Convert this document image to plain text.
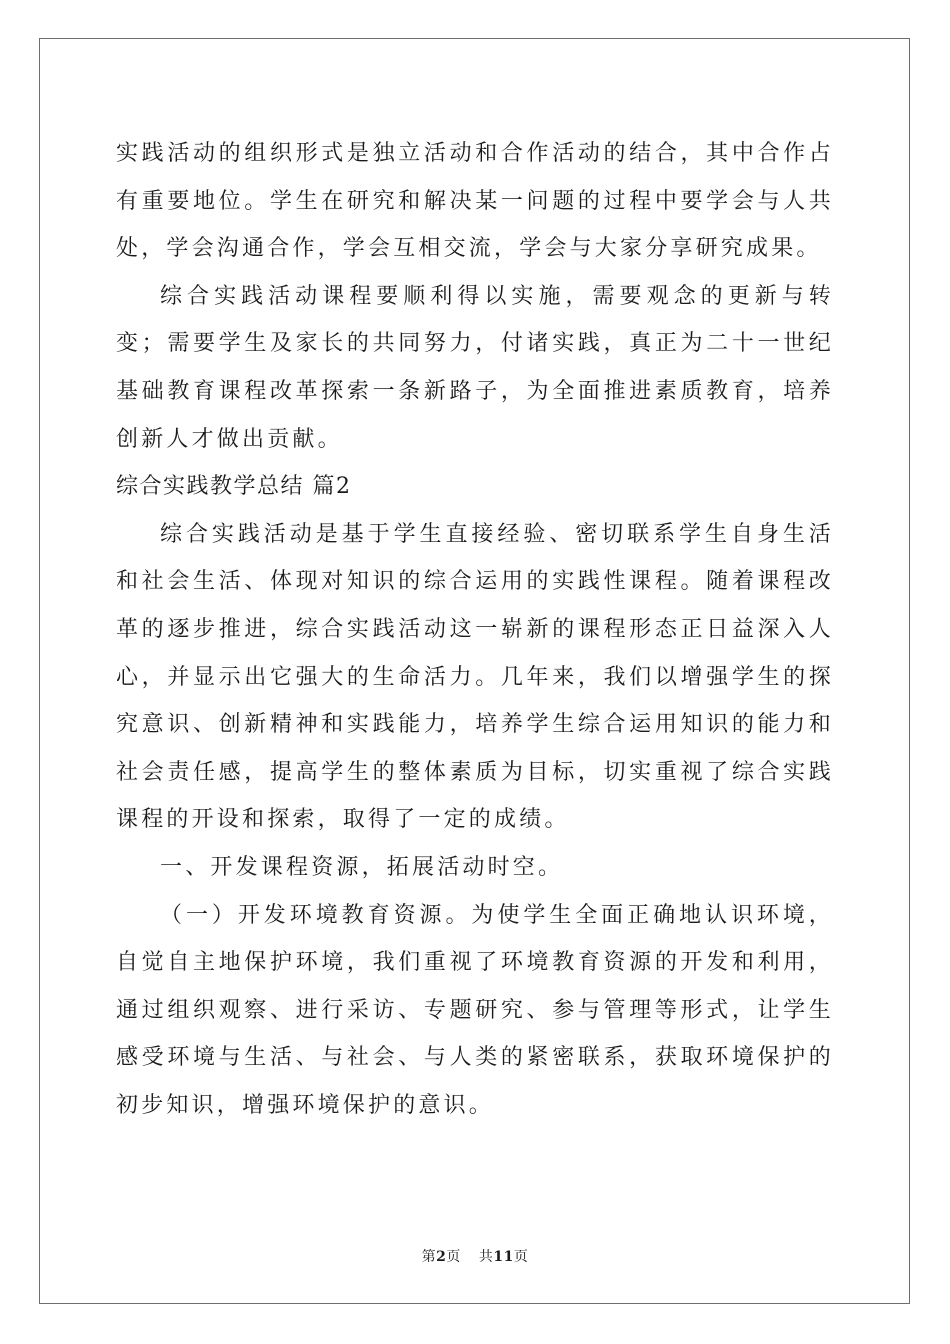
实践活动的组织形式是独立活动和合作活动的结合，其中合作占有重要地位。学生在研究和解决某一问题的过程中要学会与人共处，学会沟通合作，学会互相交流，学会与大家分享研究成果。

综合实践活动课程要顺利得以实施，需要观念的更新与转变；需要学生及家长的共同努力，付诸实践，真正为二十一世纪基础教育课程改革探索一条新路子，为全面推进素质教育，培养创新人才做出贡献。

综合实践教学总结 篇2

综合实践活动是基于学生直接经验、密切联系学生自身生活和社会生活、体现对知识的综合运用的实践性课程。随着课程改革的逐步推进，综合实践活动这一崭新的课程形态正日益深入人心，并显示出它强大的生命活力。几年来，我们以增强学生的探究意识、创新精神和实践能力，培养学生综合运用知识的能力和社会责任感，提高学生的整体素质为目标，切实重视了综合实践课程的开设和探索，取得了一定的成绩。

一、开发课程资源，拓展活动时空。

（一）开发环境教育资源。为使学生全面正确地认识环境，自觉自主地保护环境，我们重视了环境教育资源的开发和利用，通过组织观察、进行采访、专题研究、参与管理等形式，让学生感受环境与生活、与社会、与人类的紧密联系，获取环境保护的初步知识，增强环境保护的意识。

第2页 共11页
